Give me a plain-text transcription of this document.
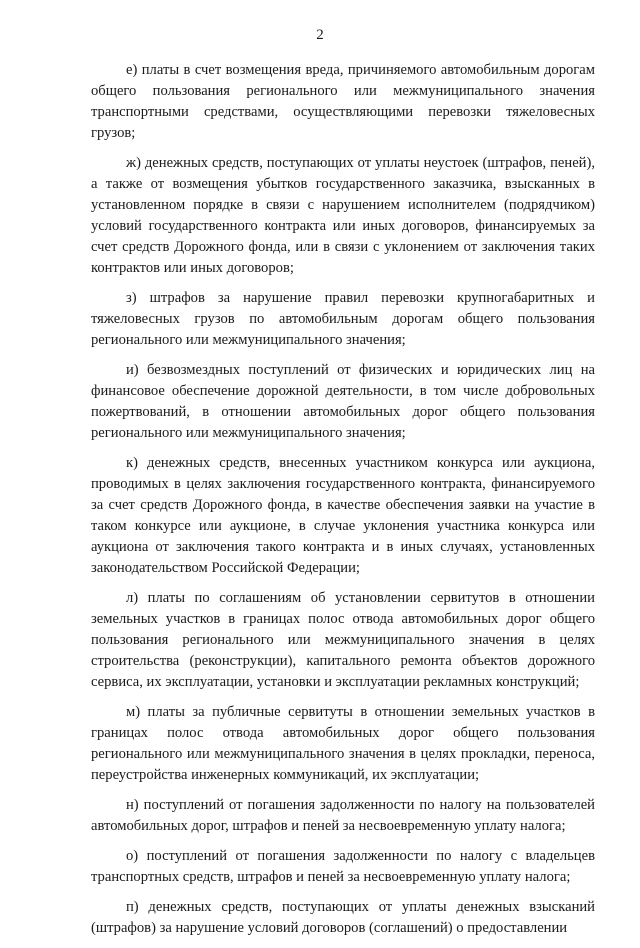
2

е) платы в счет возмещения вреда, причиняемого автомобильным дорогам общего пользования регионального или межмуниципального значения транспортными средствами, осуществляющими перевозки тяжеловесных грузов;

ж) денежных средств, поступающих от уплаты неустоек (штрафов, пеней), а также от возмещения убытков государственного заказчика, взысканных в установленном порядке в связи с нарушением исполнителем (подрядчиком) условий государственного контракта или иных договоров, финансируемых за счет средств Дорожного фонда, или в связи с уклонением от заключения таких контрактов или иных договоров;

з) штрафов за нарушение правил перевозки крупногабаритных и тяжеловесных грузов по автомобильным дорогам общего пользования регионального или межмуниципального значения;

и) безвозмездных поступлений от физических и юридических лиц на финансовое обеспечение дорожной деятельности, в том числе добровольных пожертвований, в отношении автомобильных дорог общего пользования регионального или межмуниципального значения;

к) денежных средств, внесенных участником конкурса или аукциона, проводимых в целях заключения государственного контракта, финансируемого за счет средств Дорожного фонда, в качестве обеспечения заявки на участие в таком конкурсе или аукционе, в случае уклонения участника конкурса или аукциона от заключения такого контракта и в иных случаях, установленных законодательством Российской Федерации;

л) платы по соглашениям об установлении сервитутов в отношении земельных участков в границах полос отвода автомобильных дорог общего пользования регионального или межмуниципального значения в целях строительства (реконструкции), капитального ремонта объектов дорожного сервиса, их эксплуатации, установки и эксплуатации рекламных конструкций;

м) платы за публичные сервитуты в отношении земельных участков в границах полос отвода автомобильных дорог общего пользования регионального или межмуниципального значения в целях прокладки, переноса, переустройства инженерных коммуникаций, их эксплуатации;

н) поступлений от погашения задолженности по налогу на пользователей автомобильных дорог, штрафов и пеней за несвоевременную уплату налога;

о) поступлений от погашения задолженности по налогу с владельцев транспортных средств, штрафов и пеней за несвоевременную уплату налога;

п) денежных средств, поступающих от уплаты денежных взысканий (штрафов) за нарушение условий договоров (соглашений) о предоставлении
